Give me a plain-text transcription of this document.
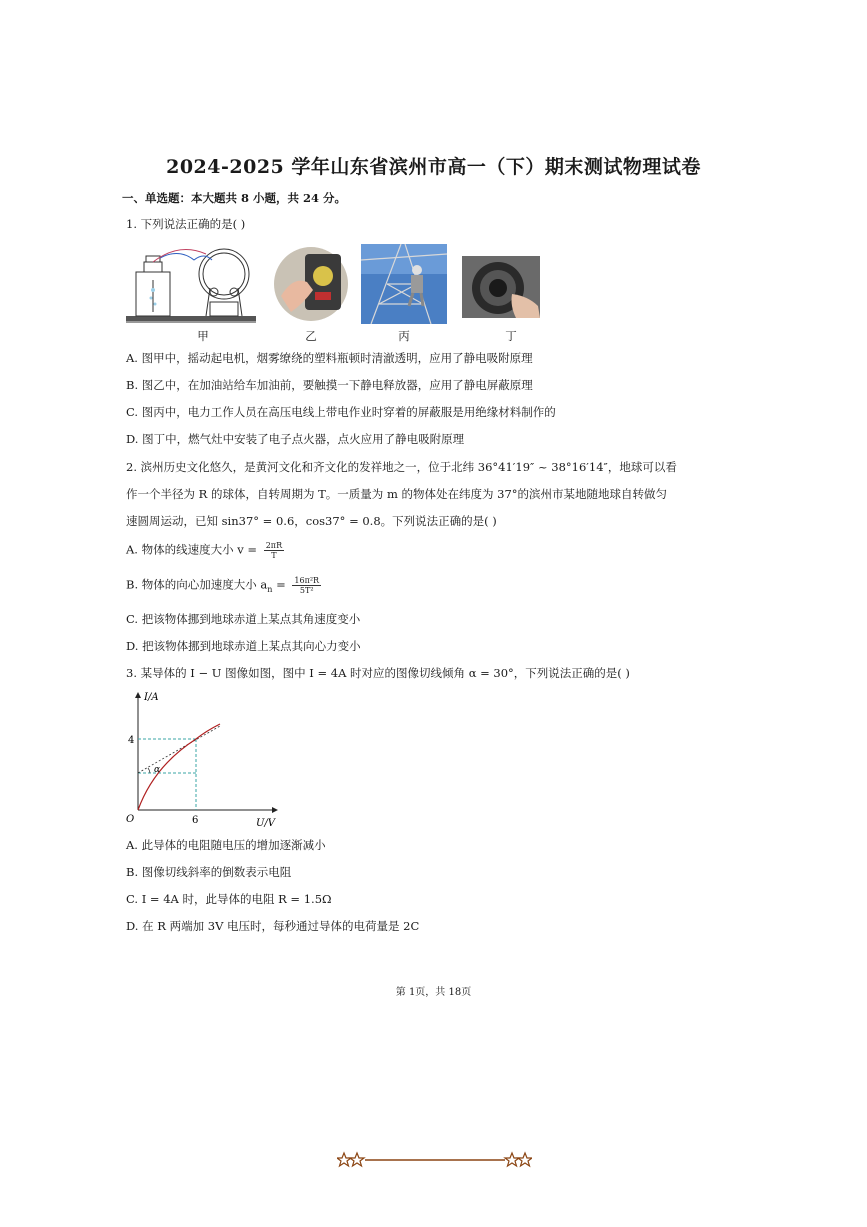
2024-2025 学年山东省滨州市高一（下）期末测试物理试卷
一、单选题：本大题共 8 小题，共 24 分。
1. 下列说法正确的是( )
甲	乙	丙	丁
A. 图甲中，摇动起电机，烟雾缭绕的塑料瓶顿时清澈透明，应用了静电吸附原理
B. 图乙中，在加油站给车加油前，要触摸一下静电释放器，应用了静电屏蔽原理
C. 图丙中，电力工作人员在高压电线上带电作业时穿着的屏蔽服是用绝缘材料制作的
D. 图丁中，燃气灶中安装了电子点火器，点火应用了静电吸附原理
2. 滨州历史文化悠久，是黄河文化和齐文化的发祥地之一，位于北纬 36°41′19″ ~ 38°16′14″，地球可以看
作一个半径为 R 的球体，自转周期为 T。一质量为 m 的物体处在纬度为 37°的滨州市某地随地球自转做匀
速圆周运动，已知 sin37° = 0.6，cos37° = 0.8。下列说法正确的是( )
A. 物体的线速度大小 $v = \frac{2\pi R}{T}$
B. 物体的向心加速度大小 $a_n = \frac{\text{16π²R}}{\text{5T²}}$
C. 把该物体挪到地球赤道上某点其角速度变小
D. 把该物体挪到地球赤道上某点其向心力变小
3. 某导体的 I − U 图像如图，图中 I = 4A 时对应的图像切线倾角 α = 30°，下列说法正确的是( )
α
I/A
U/V
O
4
6
A. 此导体的电阻随电压的增加逐渐减小
B. 图像切线斜率的倒数表示电阻
C. I = 4A 时，此导体的电阻 R = 1.5Ω
D. 在 R 两端加 3V 电压时，每秒通过导体的电荷量是 2C
第 1页，共 18页
